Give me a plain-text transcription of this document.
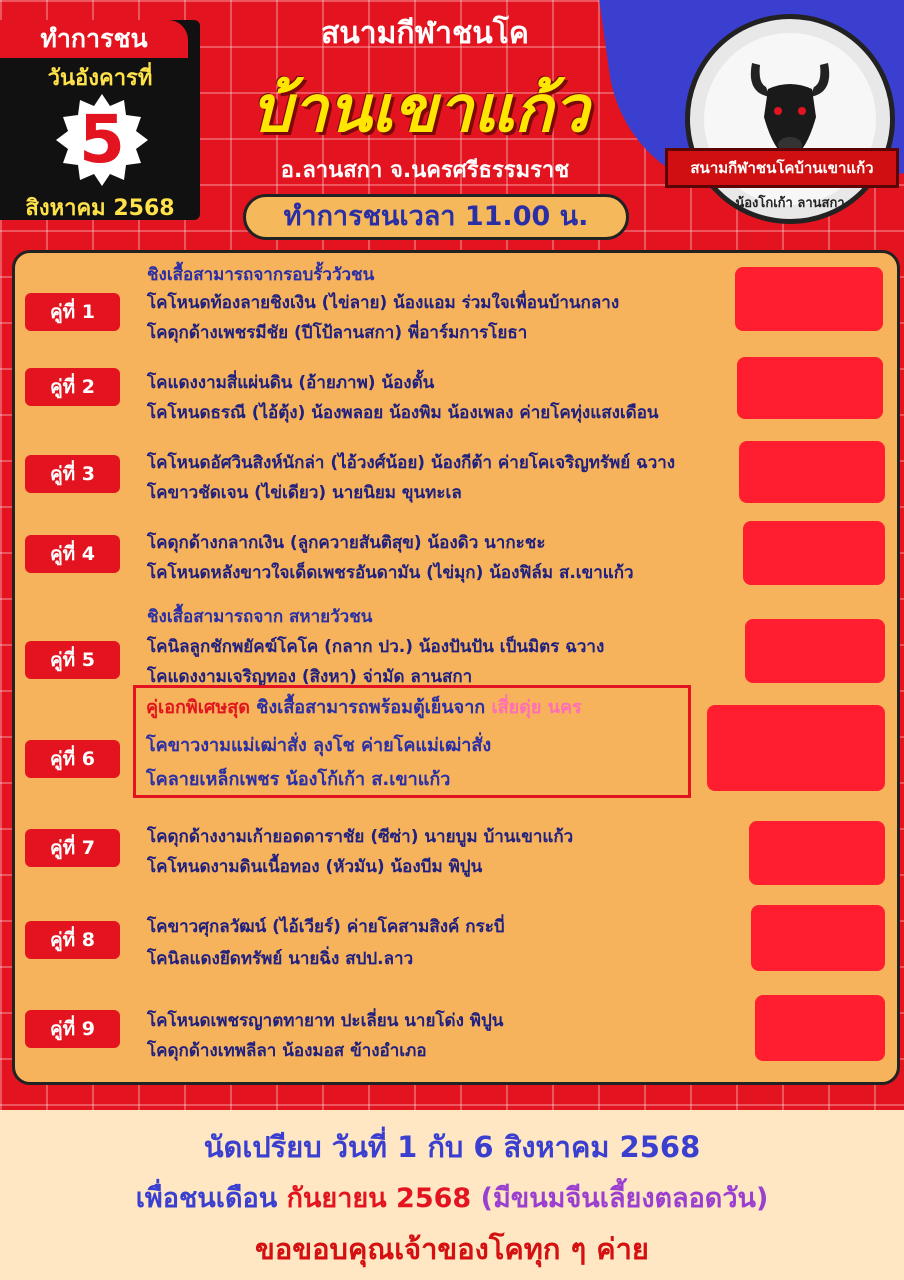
ทำการชน
วันอังคารที่
5
สิงหาคม 2568
สนามกีฬาชนโค
บ้านเขาแก้ว
อ.ลานสกา จ.นครศรีธรรมราช
ทำการชนเวลา 11.00 น.
สนามกีฬาชนโคบ้านเขาแก้ว
น้องโกเก้า ลานสกา
ชิงเสื้อสามารถจากรอบรั้ววัวชน
คู่ที่ 1	โคโหนดท้องลายชิงเงิน (ไข่ลาย) น้องแอม ร่วมใจเพื่อนบ้านกลาง
โคดุกด้างเพชรมีชัย (ปีโป้ลานสกา) พี่อาร์มการโยธา
คู่ที่ 2	โคแดงงามสี่แผ่นดิน (อ้ายภาพ) น้องตั้น
โคโหนดธรณี (ไอ้ตุ้ง) น้องพลอย น้องพิม น้องเพลง ค่ายโคทุ่งแสงเดือน
คู่ที่ 3	โคโหนดอัศวินสิงห์นักล่า (ไอ้วงศ์น้อย) น้องกีต้า ค่ายโคเจริญทรัพย์ ฉวาง
โคขาวชัดเจน (ไข่เดียว) นายนิยม ขุนทะเล
คู่ที่ 4	โคดุกด้างกลากเงิน (ลูกควายสันติสุข) น้องดิว นากะชะ
โคโหนดหลังขาวใจเด็ดเพชรอันดามัน (ไข่มุก) น้องฟิล์ม ส.เขาแก้ว
ชิงเสื้อสามารถจาก สหายวัวชน
คู่ที่ 5
โคนิลลูกชักพยัคฆ์โคโค (กลาก ปว.) น้องปันปัน เป็นมิตร ฉวาง
โคแดงงามเจริญทอง (สิงหา) จ่ามัด ลานสกา
คู่ที่ 6
คู่เอกพิเศษสุด ชิงเสื้อสามารถพร้อมตู้เย็นจาก เสี่ยดุ่ย นคร
โคขาวงามแม่เฒ่าสั่ง ลุงโช ค่ายโคแม่เฒ่าสั่ง
โคลายเหล็กเพชร น้องโก้เก้า ส.เขาแก้ว
คู่ที่ 7	โคดุกด้างงามเก้ายอดดาราชัย (ซีซ่า) นายบูม บ้านเขาแก้ว
โคโหนดงามดินเนื้อทอง (หัวมัน) น้องบีม พิปูน
คู่ที่ 8
โคขาวศุกลวัฒน์ (ไอ้เวียร์) ค่ายโคสามสิงค์ กระบี่
โคนิลแดงยึดทรัพย์ นายฉิ่ง สปป.ลาว
คู่ที่ 9	โคโหนดเพชรญาตทายาท ปะเลี่ยน นายโด่ง พิปูน
โคดุกด้างเทพลีลา น้องมอส ข้างอำเภอ
นัดเปรียบ วันที่ 1 กับ 6 สิงหาคม 2568
เพื่อชนเดือน กันยายน 2568 (มีขนมจีนเลี้ยงตลอดวัน)
ขอขอบคุณเจ้าของโคทุก ๆ ค่าย
